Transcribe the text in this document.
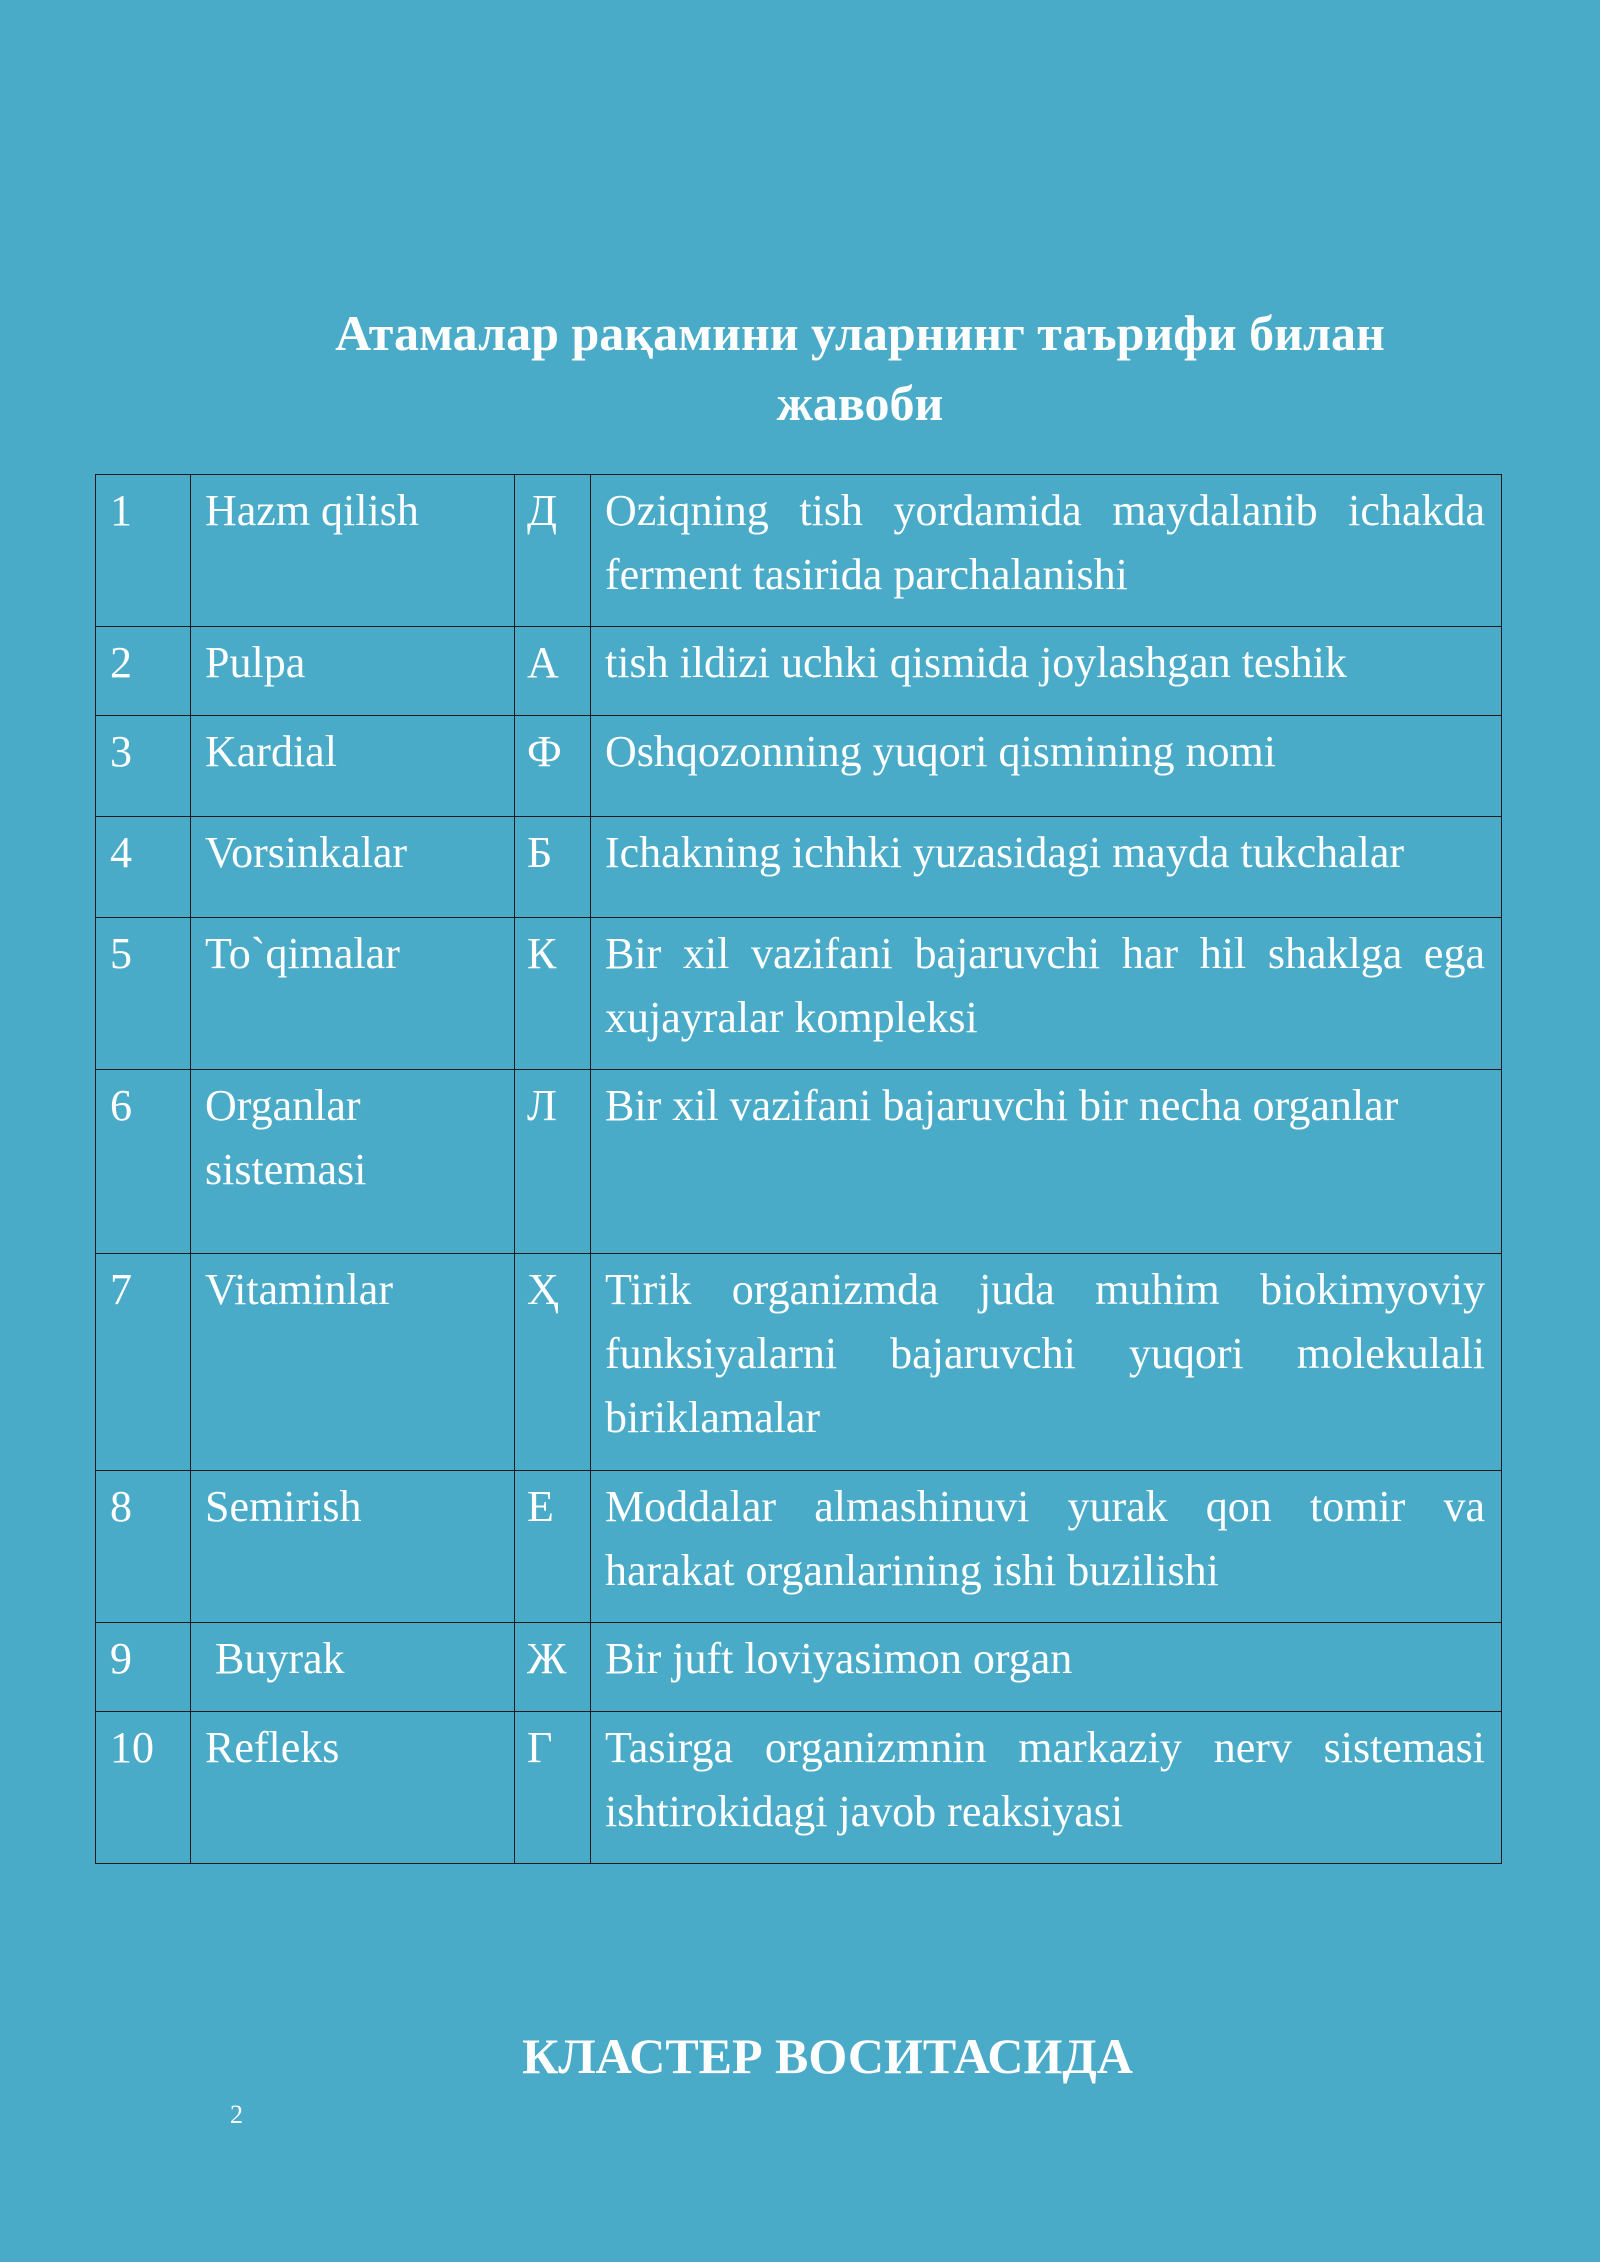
Атамалар рақамини уларнинг таърифи билан жавоби
1	Hazm qilish	Д	Oziqning tish yordamida maydalanib ichakda ferment tasirida parchalanishi
2	Pulpa	А	tish ildizi uchki qismida joylashgan teshik
3	Kardial	Ф	Oshqozonning yuqori qismining nomi
4	Vorsinkalar	Б	Ichakning ichhki yuzasidagi mayda tukchalar
5	To`qimalar	К	Bir xil vazifani bajaruvchi har hil shaklga ega xujayralar kompleksi
6	Organlar sistemasi	Л	Bir xil vazifani bajaruvchi bir necha organlar
7	Vitaminlar	Ҳ	Tirik organizmda juda muhim biokimyoviy funksiyalarni bajaruvchi yuqori molekulali biriklamalar
8	Semirish	Е	Moddalar almashinuvi yurak qon tomir va harakat organlarining ishi buzilishi
9	Buyrak	Ж	Bir juft loviyasimon organ
10	Refleks	Г	Tasirga organizmnin markaziy nerv sistemasi ishtirokidagi javob reaksiyasi
КЛАСТЕР ВОСИТАСИДА
2
